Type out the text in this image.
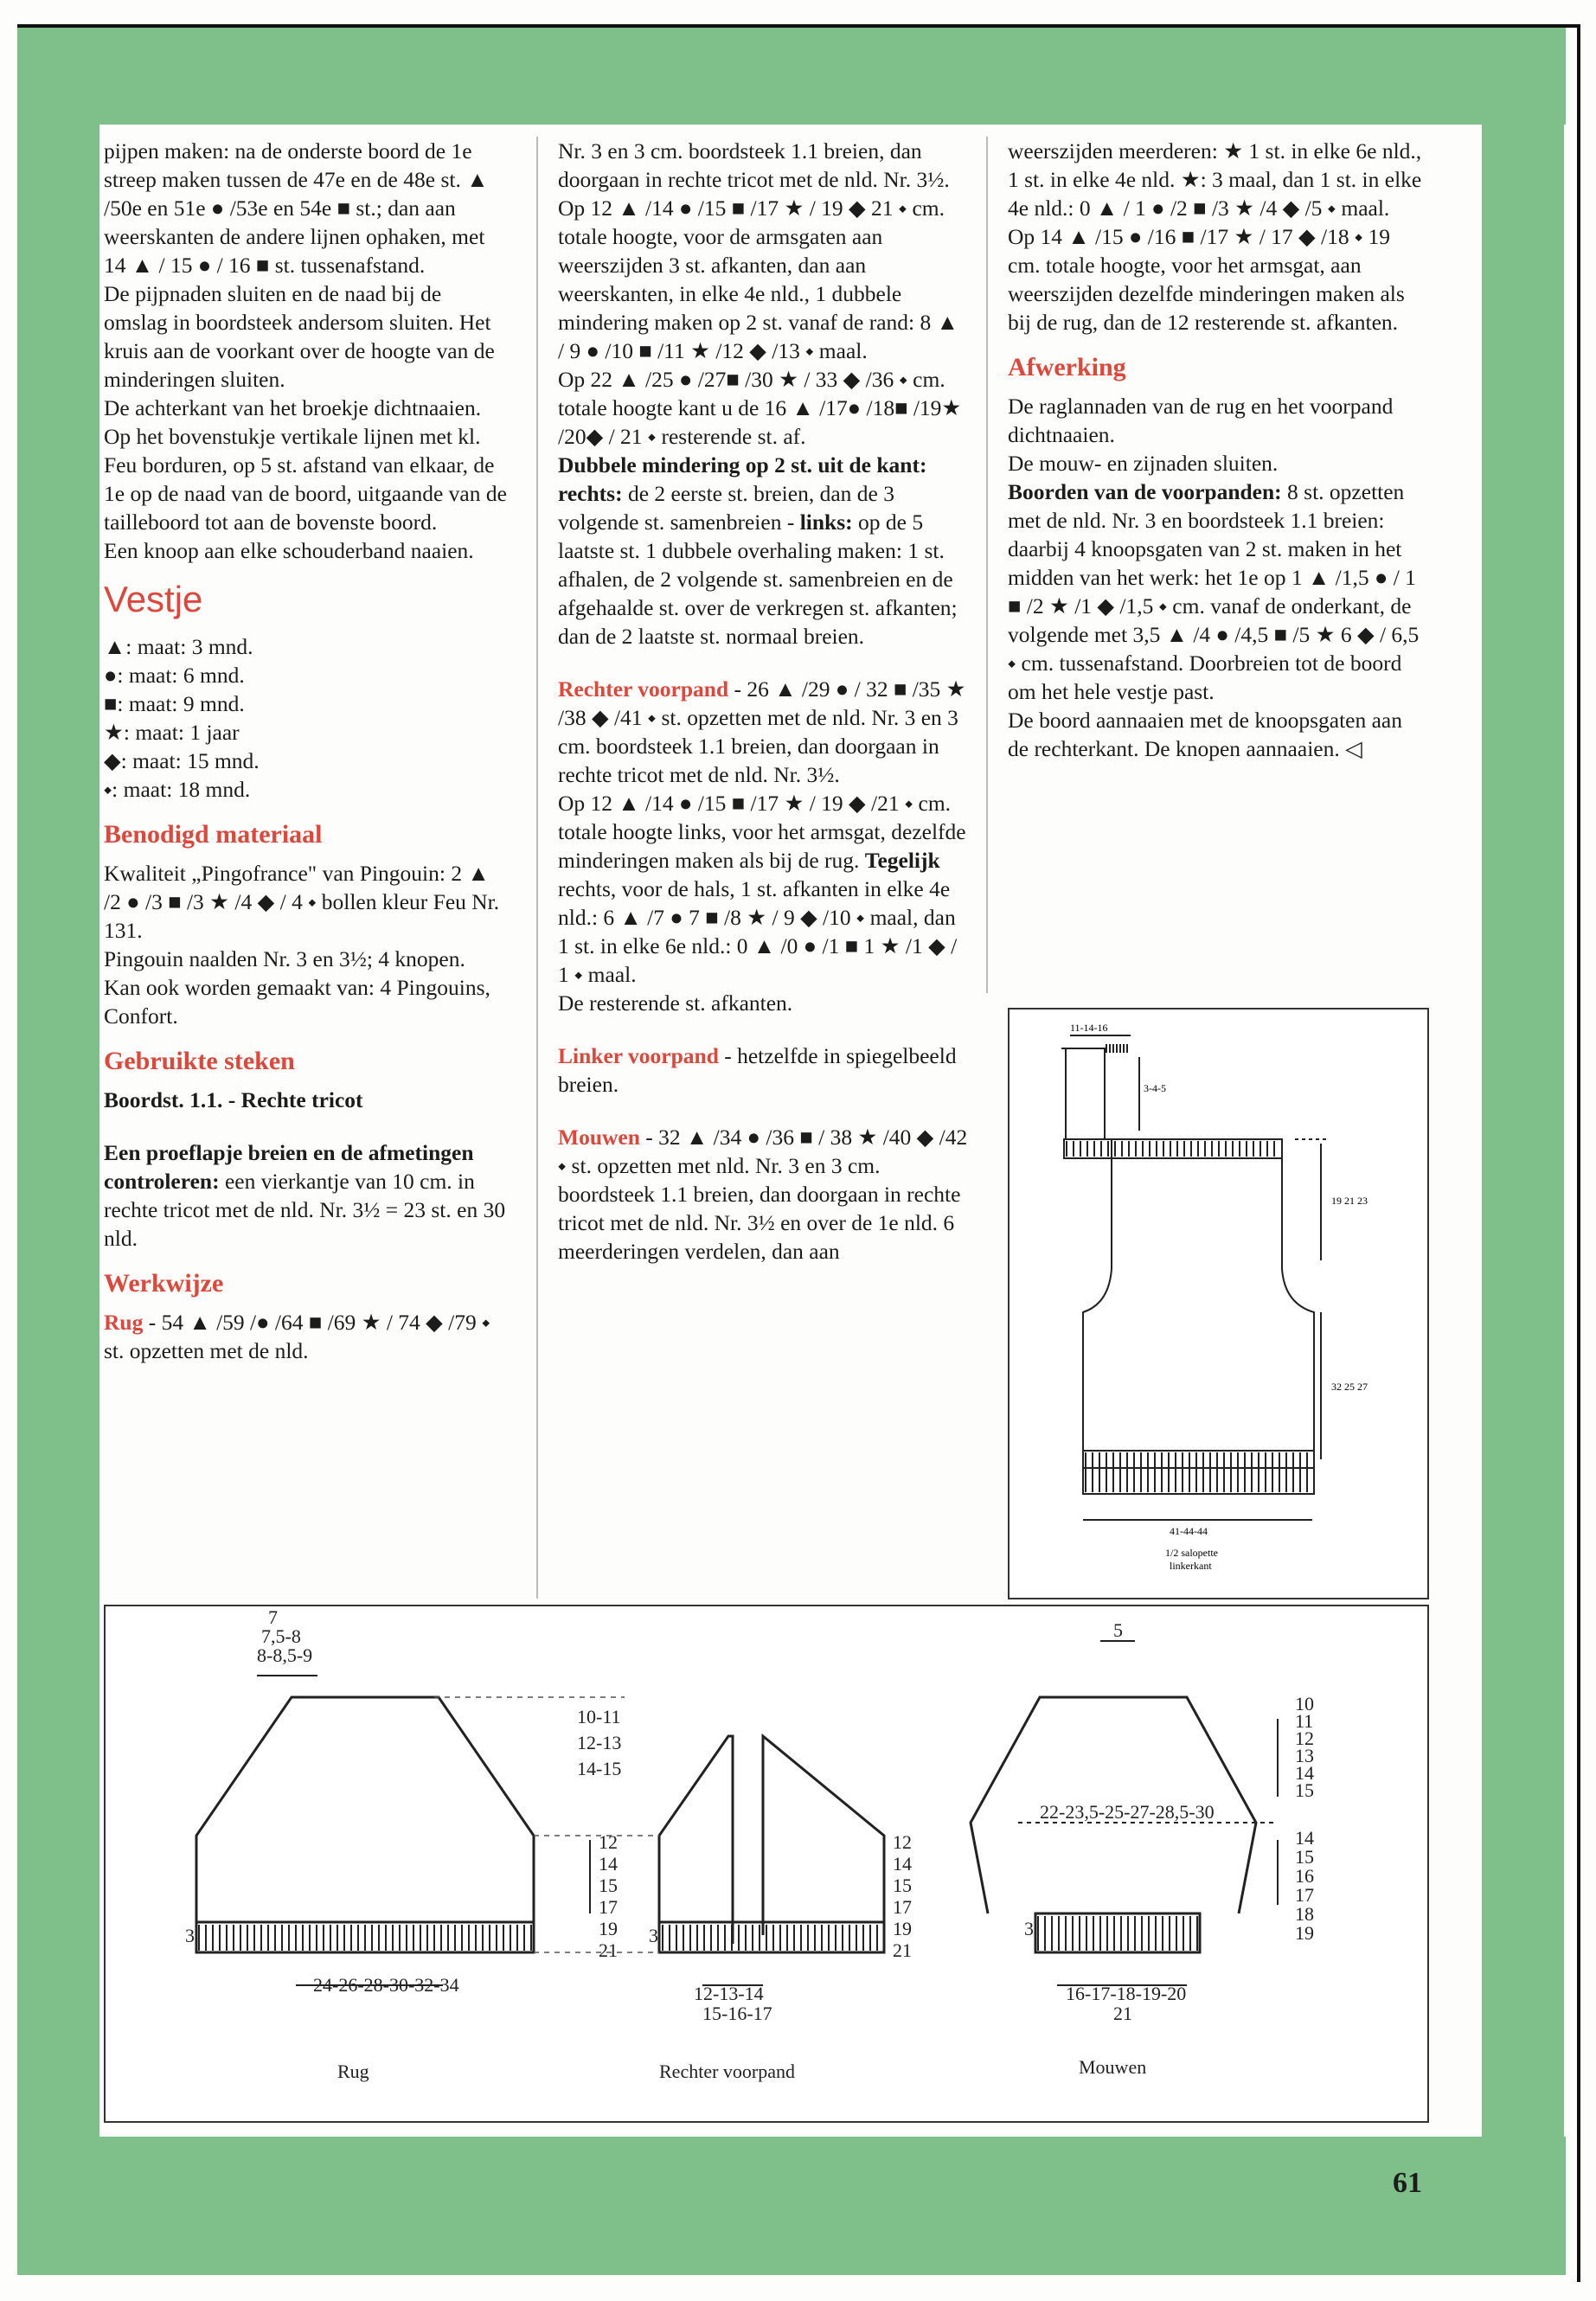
pijpen maken: na de onderste boord de 1e streep maken tussen de 47e en de 48e st. ▲ /50e en 51e ● /53e en 54e ■ st.; dan aan weerskanten de andere lijnen ophaken, met 14 ▲ / 15 ● / 16 ■ st. tussenafstand.

De pijpnaden sluiten en de naad bij de omslag in boordsteek andersom sluiten. Het kruis aan de voorkant over de hoogte van de minderingen sluiten.

De achterkant van het broekje dichtnaaien.

Op het bovenstukje vertikale lijnen met kl. Feu borduren, op 5 st. afstand van elkaar, de 1e op de naad van de boord, uitgaande van de tailleboord tot aan de bovenste boord.

Een knoop aan elke schouderband naaien.

Vestje

▲: maat: 3 mnd.

●: maat: 6 mnd.

■: maat: 9 mnd.

★: maat: 1 jaar

◆: maat: 15 mnd.

⬩: maat: 18 mnd.

Benodigd materiaal

Kwaliteit „Pingofrance" van Pingouin: 2 ▲ /2 ● /3 ■ /3 ★ /4 ◆ / 4 ⬩ bollen kleur Feu Nr. 131.

Pingouin naalden Nr. 3 en 3½; 4 knopen.

Kan ook worden gemaakt van: 4 Pingouins, Confort.

Gebruikte steken

Boordst. 1.1. - Rechte tricot

Een proeflapje breien en de afmetingen controleren: een vierkantje van 10 cm. in rechte tricot met de nld. Nr. 3½ = 23 st. en 30 nld.

Werkwijze

Rug - 54 ▲ /59 /● /64 ■ /69 ★ / 74 ◆ /79 ⬩ st. opzetten met de nld.

Nr. 3 en 3 cm. boordsteek 1.1 breien, dan doorgaan in rechte tricot met de nld. Nr. 3½.

Op 12 ▲ /14 ● /15 ■ /17 ★ / 19 ◆ 21 ⬩ cm. totale hoogte, voor de armsgaten aan weerszijden 3 st. afkanten, dan aan weerskanten, in elke 4e nld., 1 dubbele mindering maken op 2 st. vanaf de rand: 8 ▲ / 9 ● /10 ■ /11 ★ /12 ◆ /13 ⬩ maal.

Op 22 ▲ /25 ● /27■ /30 ★ / 33 ◆ /36 ⬩ cm. totale hoogte kant u de 16 ▲ /17● /18■ /19★ /20◆ / 21 ⬩ resterende st. af.

Dubbele mindering op 2 st. uit de kant: rechts: de 2 eerste st. breien, dan de 3 volgende st. samenbreien - links: op de 5 laatste st. 1 dubbele overhaling maken: 1 st. afhalen, de 2 volgende st. samenbreien en de afgehaalde st. over de verkregen st. afkanten; dan de 2 laatste st. normaal breien.

Rechter voorpand - 26 ▲ /29 ● / 32 ■ /35 ★ /38 ◆ /41 ⬩ st. opzetten met de nld. Nr. 3 en 3 cm. boordsteek 1.1 breien, dan doorgaan in rechte tricot met de nld. Nr. 3½.

Op 12 ▲ /14 ● /15 ■ /17 ★ / 19 ◆ /21 ⬩ cm. totale hoogte links, voor het armsgat, dezelfde minderingen maken als bij de rug. Tegelijk rechts, voor de hals, 1 st. afkanten in elke 4e nld.: 6 ▲ /7 ● 7 ■ /8 ★ / 9 ◆ /10 ⬩ maal, dan 1 st. in elke 6e nld.: 0 ▲ /0 ● /1 ■ 1 ★ /1 ◆ / 1 ⬩ maal.

De resterende st. afkanten.

Linker voorpand - hetzelfde in spiegelbeeld breien.

Mouwen - 32 ▲ /34 ● /36 ■ / 38 ★ /40 ◆ /42 ⬩ st. opzetten met nld. Nr. 3 en 3 cm. boordsteek 1.1 breien, dan doorgaan in rechte tricot met de nld. Nr. 3½ en over de 1e nld. 6 meerderingen verdelen, dan aan

weerszijden meerderen: ★ 1 st. in elke 6e nld., 1 st. in elke 4e nld. ★: 3 maal, dan 1 st. in elke 4e nld.: 0 ▲ / 1 ● /2 ■ /3 ★ /4 ◆ /5 ⬩ maal.

Op 14 ▲ /15 ● /16 ■ /17 ★ / 17 ◆ /18 ⬩ 19 cm. totale hoogte, voor het armsgat, aan weerszijden dezelfde minderingen maken als bij de rug, dan de 12 resterende st. afkanten.

Afwerking

De raglannaden van de rug en het voorpand dichtnaaien.

De mouw- en zijnaden sluiten.

Boorden van de voorpanden: 8 st. opzetten met de nld. Nr. 3 en boordsteek 1.1 breien: daarbij 4 knoopsgaten van 2 st. maken in het midden van het werk: het 1e op 1 ▲ /1,5 ● / 1 ■ /2 ★ /1 ◆ /1,5 ⬩ cm. vanaf de onderkant, de volgende met 3,5 ▲ /4 ● /4,5 ■ /5 ★ 6 ◆ / 6,5 ⬩ cm. tussenafstand. Doorbreien tot de boord om het hele vestje past.

De boord aannaaien met de knoopsgaten aan de rechterkant. De knopen aannaaien. ◁

11-14-16
3-4-5
19 21 23
32 25 27
41-44-44
1/2 salopette
linkerkant
7
7,5-8
8-8,5-9
24-26-28-30-32-34
10-11
12-13
14-15
12
14
15
17
19
21
3
12
14
15
17
19
21
12-13-14
15-16-17
3
5
22-23,5-25-27-28,5-30
10
11
12
13
14
15
14
15
16
17
18
19
16-17-18-19-20
21
3
Rug	Rechter voorpand	Mouwen
61
